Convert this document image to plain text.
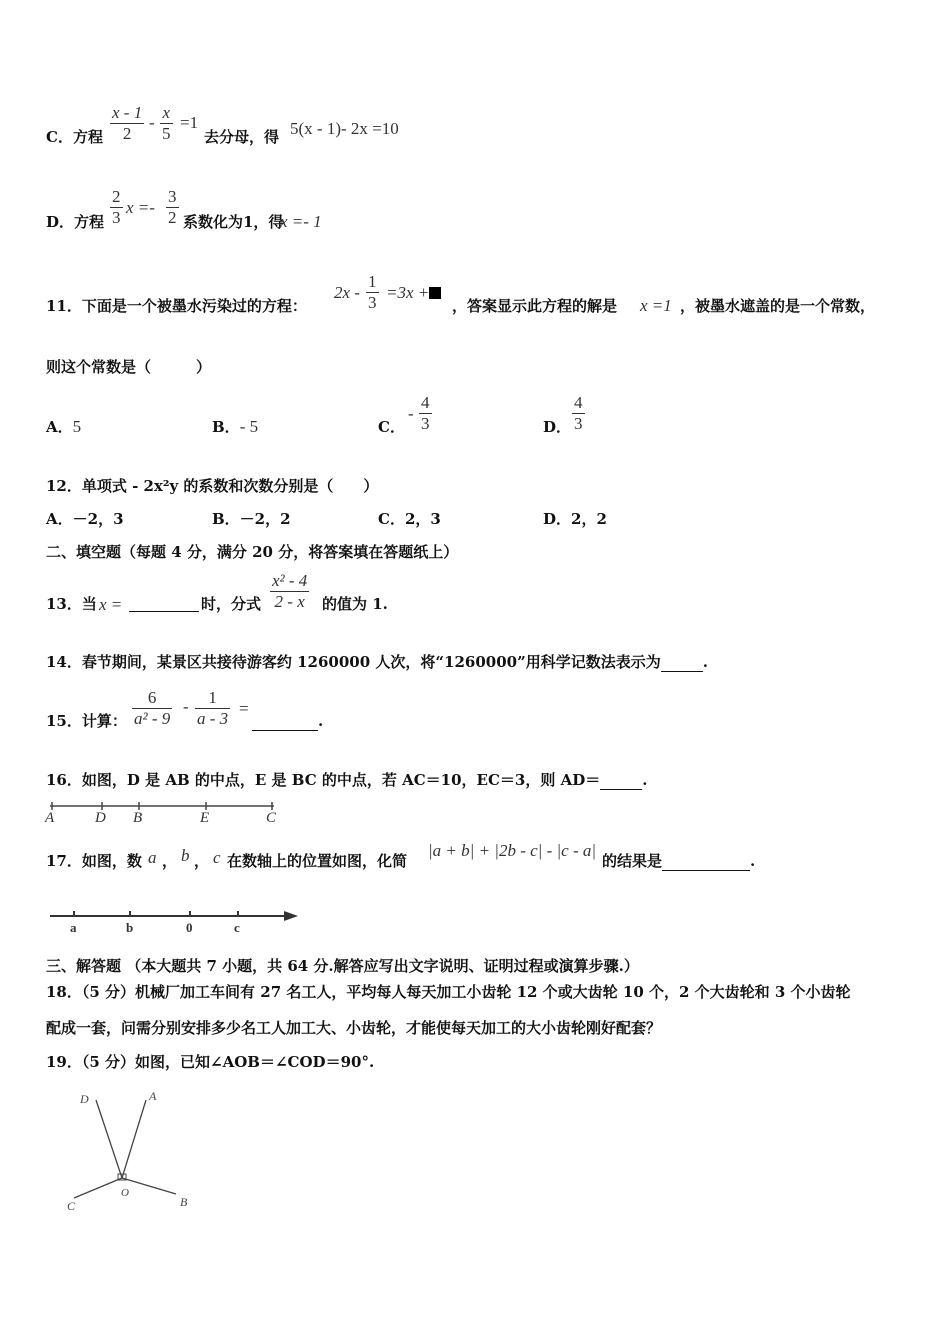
C．方程 $\frac{x - 1}{2} - \frac{x}{5} =1$
去分母，得 5(x - 1)- 2x =10
D．方程 $\frac{2}{3}$ $x =- \frac{3}{2}$ 系数化为1，得
x =- 1
11．下面是一个被墨水污染过的方程：
$2x - \frac{1}{3} =3x$ +
，答案显示此方程的解是 x =1 ，被墨水遮盖的是一个常数，
则这个常数是（　　　）
A．5	B．- 5	C．
- $\frac{4}{3}$	D． $\frac{4}{3}$
12．单项式 - 2x²y 的系数和次数分别是（　　）
A．－2，3	B．－2，2	C．2，3	D．2，2
二、填空题（每题 4 分，满分 20 分，将答案填在答题纸上）
13．当 x =	时，分式 $\frac{\text{x² - 4}}{2 - x}$ 的值为 1.
14．春节期间，某景区共接待游客约 1260000 人次，将“1260000”用科学记数法表示为	.
15．计算： $\frac{6}{\text{a² - 9}} - \frac{1}{a - 3}$ =
.
16．如图，D 是 AB 的中点，E 是 BC 的中点，若 AC＝10，EC＝3，则 AD＝	.
A	D B	E	C
17．如图，数 a ， b ， c 在数轴上的位置如图，化简
|a + b| + |2b - c| - |c - a|
的结果是	.
a	b	0	c
三、解答题 （本大题共 7 小题，共 64 分.解答应写出文字说明、证明过程或演算步骤.）
18．（5 分）机械厂加工车间有 27 名工人，平均每人每天加工小齿轮 12 个或大齿轮 10 个，2 个大齿轮和 3 个小齿轮
配成一套，问需分别安排多少名工人加工大、小齿轮，才能使每天加工的大小齿轮刚好配套？
19．（5 分）如图，已知∠AOB＝∠COD＝90°.
D	A
O
C	B
